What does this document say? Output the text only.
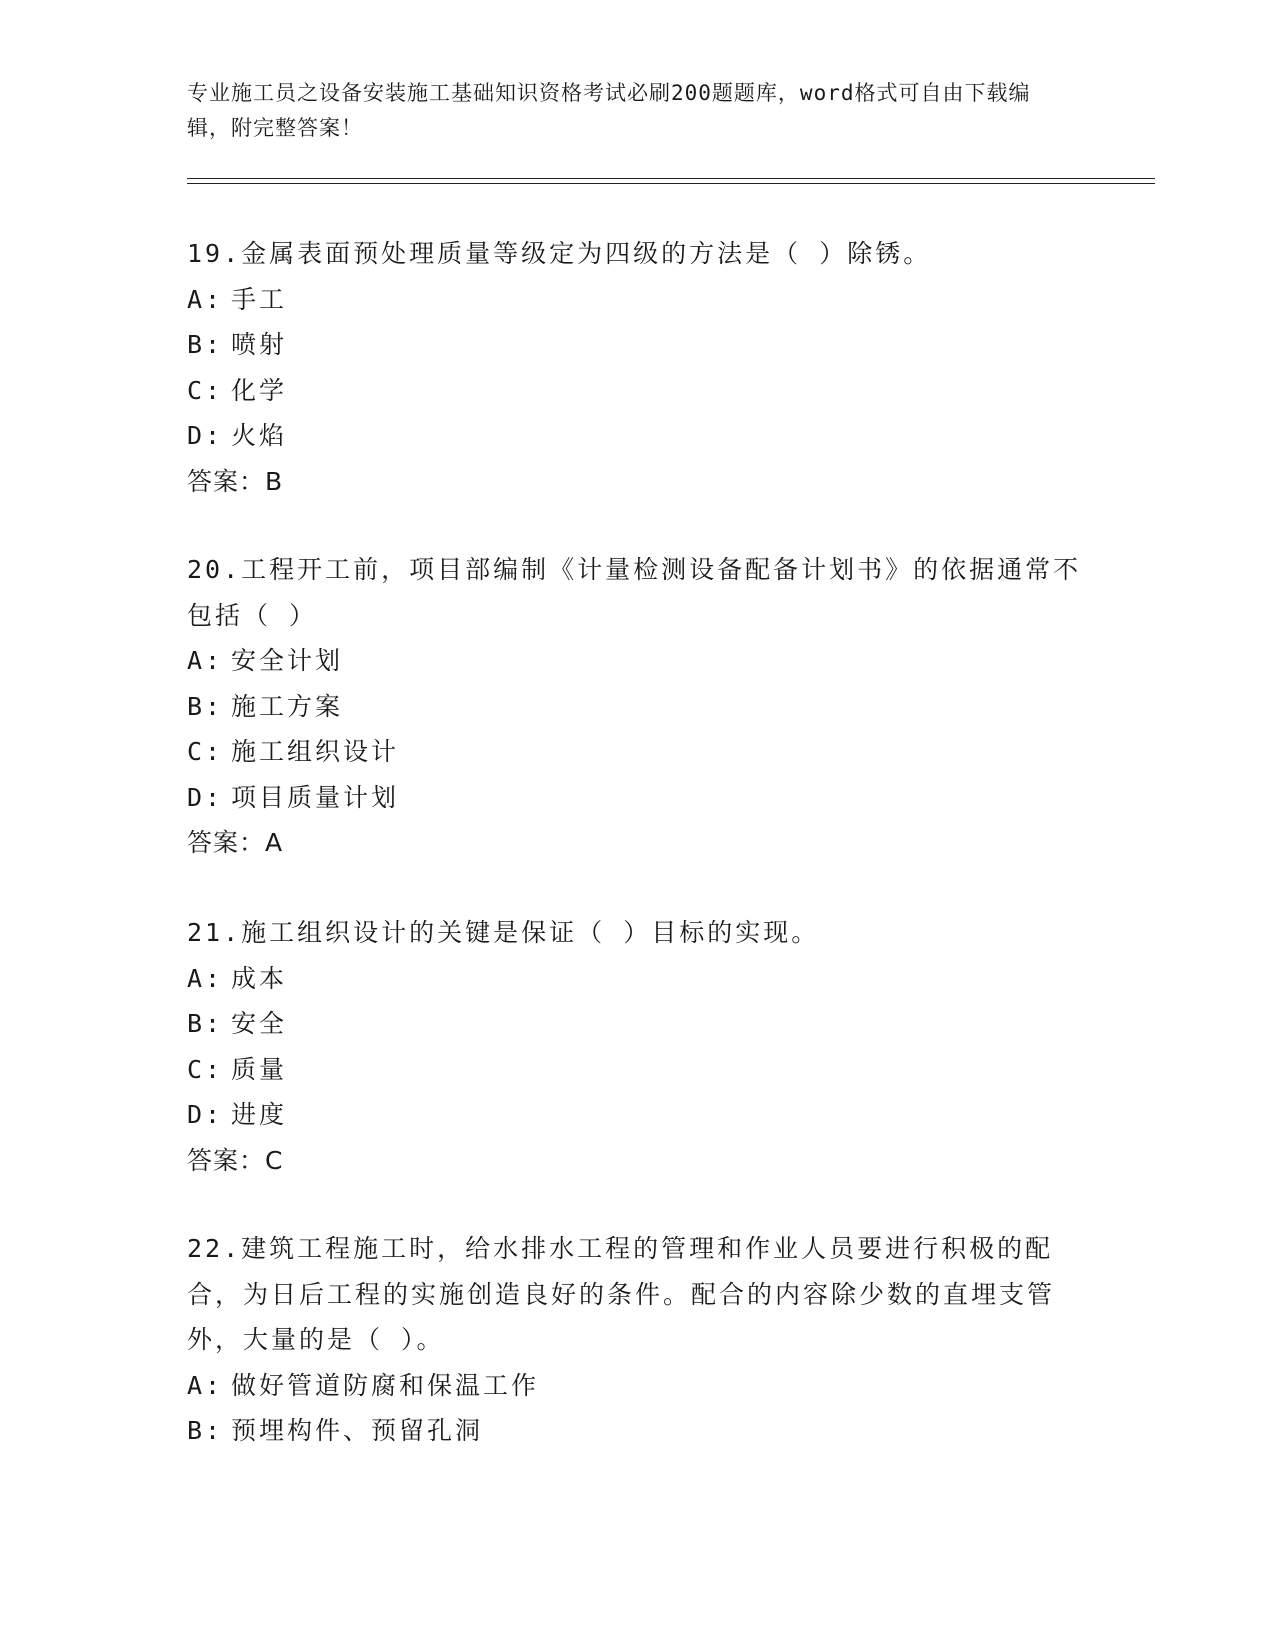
专业施工员之设备安装施工基础知识资格考试必刷200题题库，word格式可自由下载编辑，附完整答案！

19.金属表面预处理质量等级定为四级的方法是（ ）除锈。

A: 手工
B: 喷射
C: 化学
D: 火焰
答案：B

20.工程开工前，项目部编制《计量检测设备配备计划书》的依据通常不包括（ ）

A: 安全计划
B: 施工方案
C: 施工组织设计
D: 项目质量计划
答案：A

21.施工组织设计的关键是保证（ ）目标的实现。

A: 成本
B: 安全
C: 质量
D: 进度
答案：C

22.建筑工程施工时，给水排水工程的管理和作业人员要进行积极的配合，为日后工程的实施创造良好的条件。配合的内容除少数的直埋支管外，大量的是（ ）。

A: 做好管道防腐和保温工作
B: 预埋构件、预留孔洞
